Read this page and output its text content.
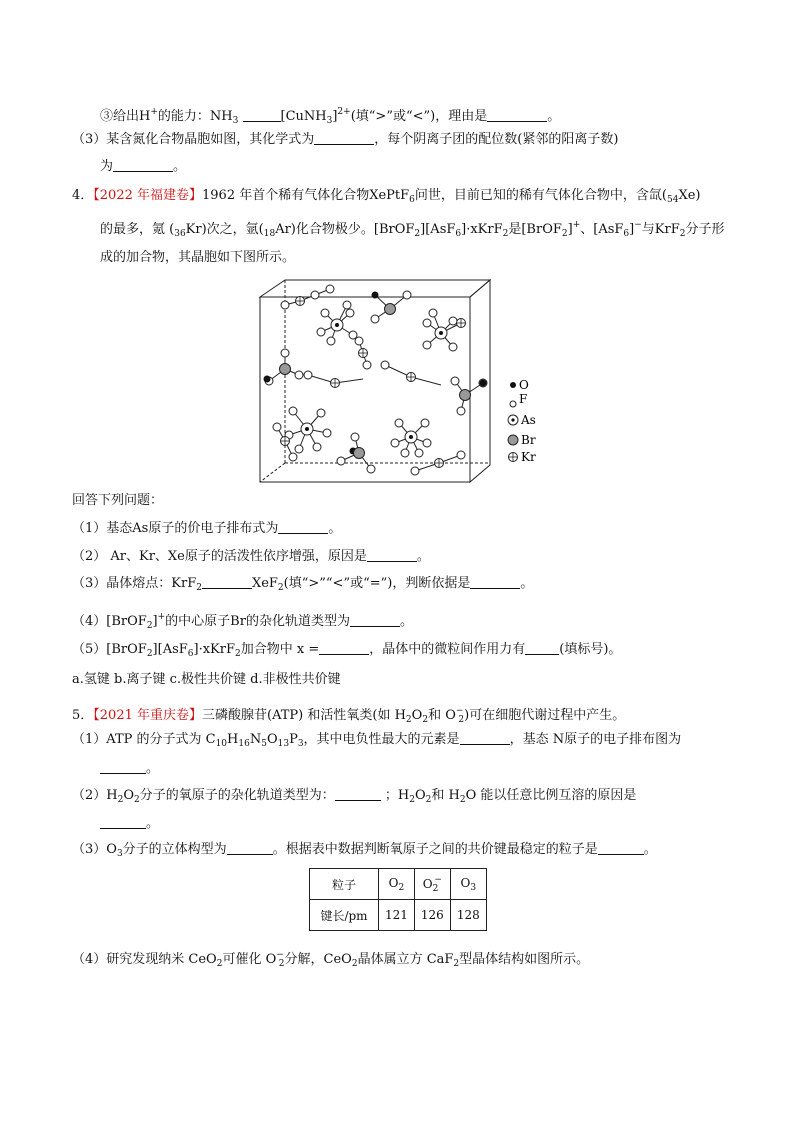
③给出H+的能力：$NH_3$	[CuNH$_3$]$^{2+}$(填“>”或“<”)，理由是	。
（3）某含氮化合物晶胞如图，其化学式为	，每个阴离子团的配位数(紧邻的阳离子数)
为	。
4．【2022 年福建卷】1962 年首个稀有气体化合物XePtF$_6$问世，目前已知的稀有气体化合物中，含氙$(_{54}Xe)$
的最多，氪 $(_{36}Kr)$次之，氩$(_{18}Ar)$化合物极少。[BrOF$_2$][AsF$_6$]·xKrF$_2$是[BrOF$_2$]+、[AsF$_6$]−与KrF$_2$分子形
成的加合物，其晶胞如下图所示。
O
F
As
Br
Kr
回答下列问题：
（1）基态As原子的价电子排布式为	。
（2） Ar、Kr、Xe原子的活泼性依序增强，原因是	。
（3）晶体熔点：KrF$_2$	XeF$_2$(填“>”“<”或“=”)，判断依据是	。
（4）[BrOF$_2$]+的中心原子Br的杂化轨道类型为	。
（5）[BrOF$_2$][AsF$_6$]·xKrF$_2$加合物中 x =	，晶体中的微粒间作用力有	(填标号)。
a.氢键 b.离子键 c.极性共价键 d.非极性共价键
5．【2021 年重庆卷】三磷酸腺苷(ATP) 和活性氧类(如 $H_2O_2$和 $O^-_2$)可在细胞代谢过程中产生。
（1）ATP 的分子式为 $C_{10}H_{16}N_5O_{13}P_3$，其中电负性最大的元素是	，基态 N原子的电子排布图为
。
$(2)H_2O_2$分子的氧原子的杂化轨道类型为：	；$H_2O_2$和 $H_2O$ 能以任意比例互溶的原因是
。
$(3)O_3$分子的立体构型为	。根据表中数据判断氧原子之间的共价键最稳定的粒子是	。
粒子	$O_2$	$O_2^-$	$O_3$
键长/pm	121	126	128
（4）研究发现纳米 CeO$_2$可催化 $O^-_2$分解，CeO$_2$晶体属立方 CaF$_2$型晶体结构如图所示。
